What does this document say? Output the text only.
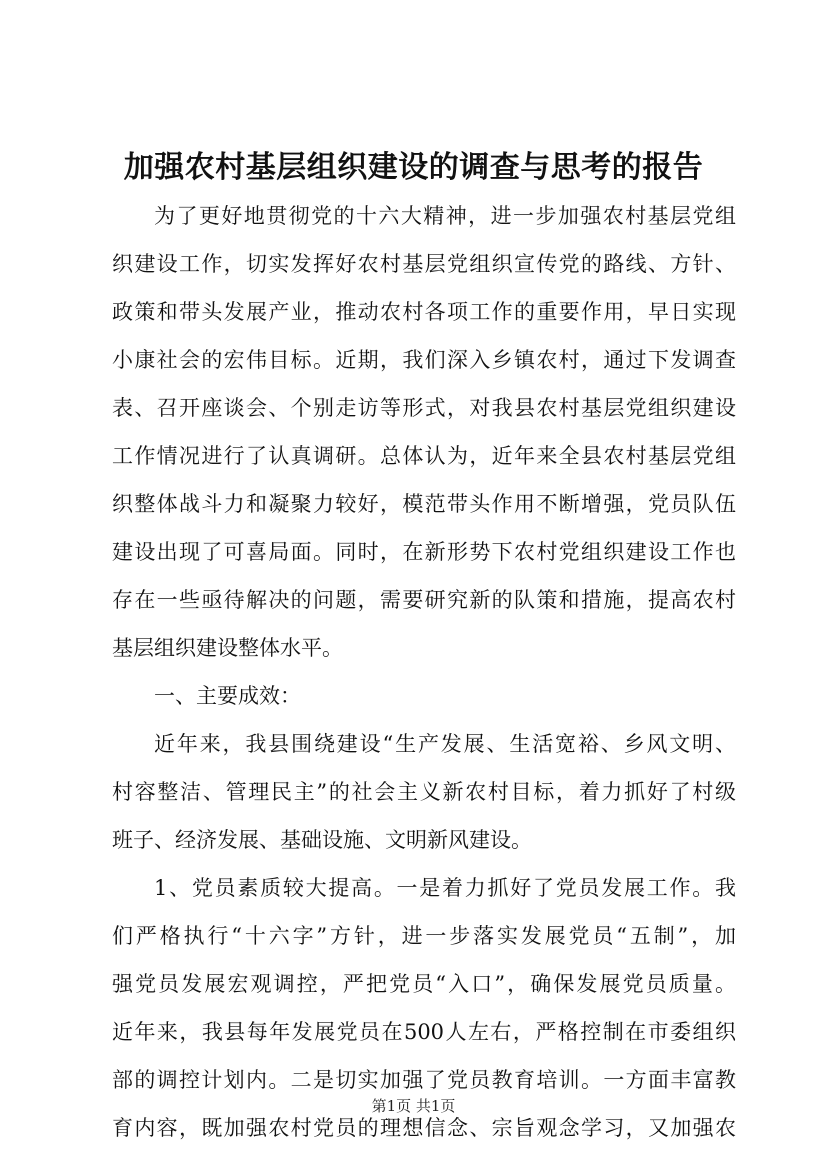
加强农村基层组织建设的调查与思考的报告
为了更好地贯彻党的十六大精神，进一步加强农村基层党组
织建设工作，切实发挥好农村基层党组织宣传党的路线、方针、
政策和带头发展产业，推动农村各项工作的重要作用，早日实现
小康社会的宏伟目标。近期，我们深入乡镇农村，通过下发调查
表、召开座谈会、个别走访等形式，对我县农村基层党组织建设
工作情况进行了认真调研。总体认为，近年来全县农村基层党组
织整体战斗力和凝聚力较好，模范带头作用不断增强，党员队伍
建设出现了可喜局面。同时，在新形势下农村党组织建设工作也
存在一些亟待解决的问题，需要研究新的队策和措施，提高农村
基层组织建设整体水平。
一、主要成效：
近年来，我县围绕建设“生产发展、生活宽裕、乡风文明、
村容整洁、管理民主”的社会主义新农村目标，着力抓好了村级
班子、经济发展、基础设施、文明新风建设。
1、党员素质较大提高。一是着力抓好了党员发展工作。我
们严格执行“十六字”方针，进一步落实发展党员“五制”，加
强党员发展宏观调控，严把党员“入口”，确保发展党员质量。
近年来，我县每年发展党员在500人左右，严格控制在市委组织
部的调控计划内。二是切实加强了党员教育培训。一方面丰富教
育内容，既加强农村党员的理想信念、宗旨观念学习，又加强农
第1页 共1页
